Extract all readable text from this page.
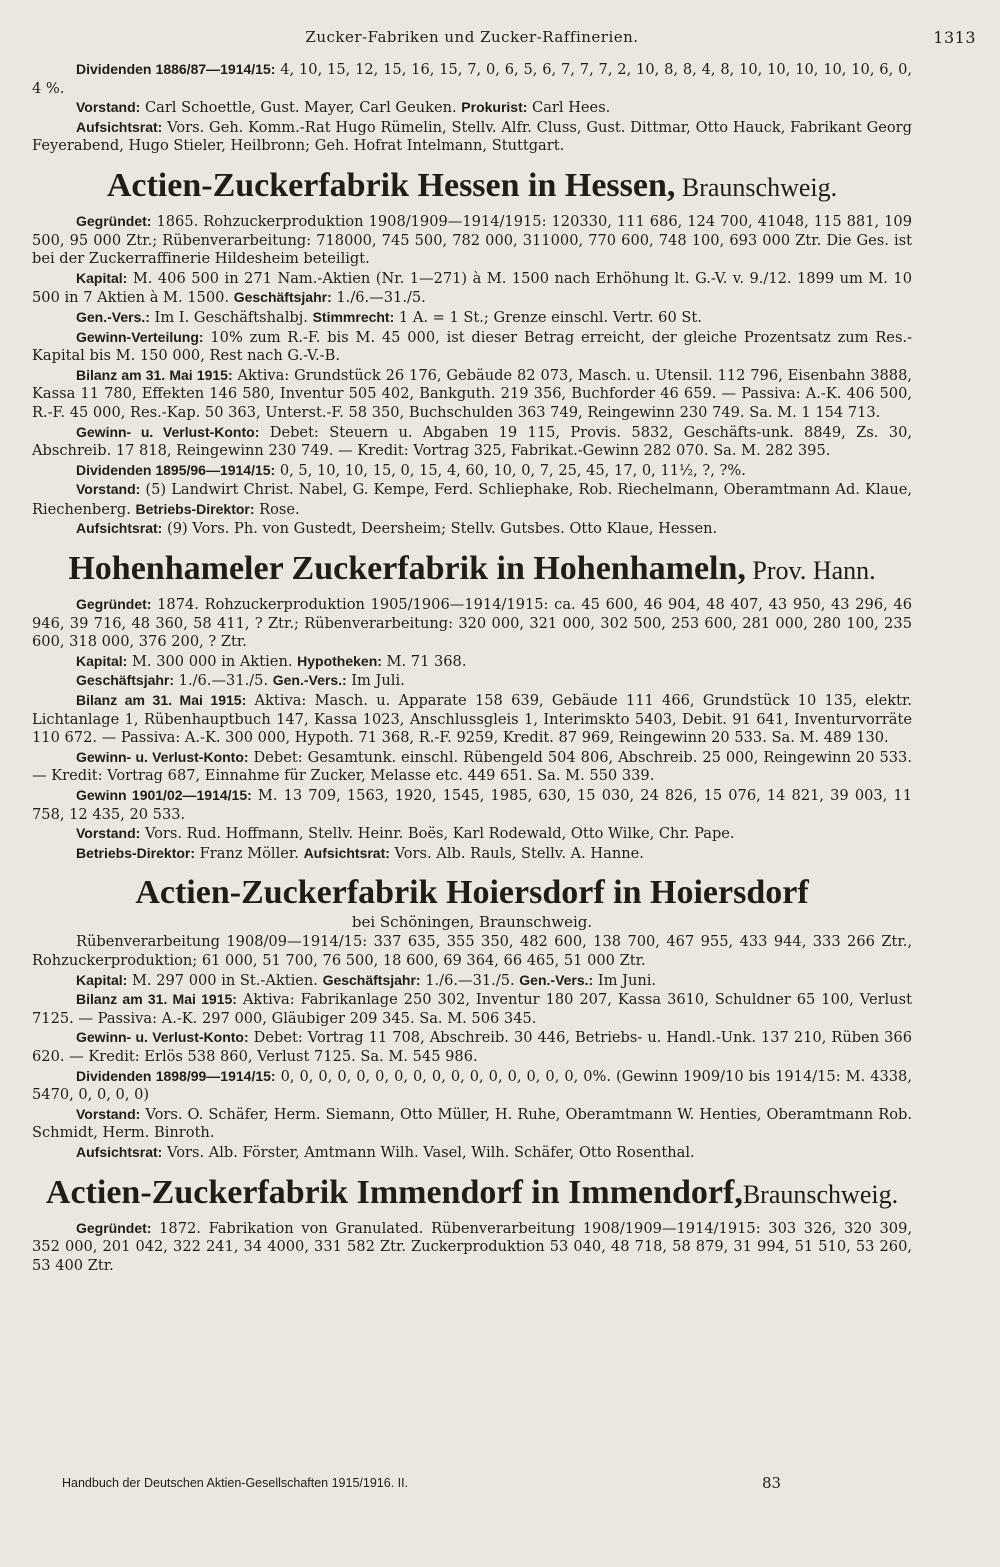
Zucker-Fabriken und Zucker-Raffinerien.	1313

Dividenden 1886/87—1914/15: 4, 10, 15, 12, 15, 16, 15, 7, 0, 6, 5, 6, 7, 7, 7, 2, 10, 8, 8, 4, 8, 10, 10, 10, 10, 10, 6, 0, 4 %.

Vorstand: Carl Schoettle, Gust. Mayer, Carl Geuken. Prokurist: Carl Hees.

Aufsichtsrat: Vors. Geh. Komm.-Rat Hugo Rümelin, Stellv. Alfr. Cluss, Gust. Dittmar, Otto Hauck, Fabrikant Georg Feyerabend, Hugo Stieler, Heilbronn; Geh. Hofrat Intelmann, Stuttgart.

Actien-Zuckerfabrik Hessen in Hessen, Braunschweig.

Gegründet: 1865. Rohzuckerproduktion 1908/1909—1914/1915: 120330, 111 686, 124 700, 41048, 115 881, 109 500, 95 000 Ztr.; Rübenverarbeitung: 718000, 745 500, 782 000, 311000, 770 600, 748 100, 693 000 Ztr. Die Ges. ist bei der Zuckerraffinerie Hildesheim beteiligt.

Kapital: M. 406 500 in 271 Nam.-Aktien (Nr. 1—271) à M. 1500 nach Erhöhung lt. G.-V. v. 9./12. 1899 um M. 10 500 in 7 Aktien à M. 1500. Geschäftsjahr: 1./6.—31./5.

Gen.-Vers.: Im I. Geschäftshalbj. Stimmrecht: 1 A. = 1 St.; Grenze einschl. Vertr. 60 St.

Gewinn-Verteilung: 10% zum R.-F. bis M. 45 000, ist dieser Betrag erreicht, der gleiche Prozentsatz zum Res.-Kapital bis M. 150 000, Rest nach G.-V.-B.

Bilanz am 31. Mai 1915: Aktiva: Grundstück 26 176, Gebäude 82 073, Masch. u. Utensil. 112 796, Eisenbahn 3888, Kassa 11 780, Effekten 146 580, Inventur 505 402, Bankguth. 219 356, Buchforder 46 659. — Passiva: A.-K. 406 500, R.-F. 45 000, Res.-Kap. 50 363, Unterst.-F. 58 350, Buchschulden 363 749, Reingewinn 230 749. Sa. M. 1 154 713.

Gewinn- u. Verlust-Konto: Debet: Steuern u. Abgaben 19 115, Provis. 5832, Geschäfts-unk. 8849, Zs. 30, Abschreib. 17 818, Reingewinn 230 749. — Kredit: Vortrag 325, Fabrikat.-Gewinn 282 070. Sa. M. 282 395.

Dividenden 1895/96—1914/15: 0, 5, 10, 10, 15, 0, 15, 4, 60, 10, 0, 7, 25, 45, 17, 0, 11½, ?, ?%.

Vorstand: (5) Landwirt Christ. Nabel, G. Kempe, Ferd. Schliephake, Rob. Riechelmann, Oberamtmann Ad. Klaue, Riechenberg. Betriebs-Direktor: Rose.

Aufsichtsrat: (9) Vors. Ph. von Gustedt, Deersheim; Stellv. Gutsbes. Otto Klaue, Hessen.

Hohenhameler Zuckerfabrik in Hohenhameln, Prov. Hann.

Gegründet: 1874. Rohzuckerproduktion 1905/1906—1914/1915: ca. 45 600, 46 904, 48 407, 43 950, 43 296, 46 946, 39 716, 48 360, 58 411, ? Ztr.; Rübenverarbeitung: 320 000, 321 000, 302 500, 253 600, 281 000, 280 100, 235 600, 318 000, 376 200, ? Ztr.

Kapital: M. 300 000 in Aktien. Hypotheken: M. 71 368.

Geschäftsjahr: 1./6.—31./5. Gen.-Vers.: Im Juli.

Bilanz am 31. Mai 1915: Aktiva: Masch. u. Apparate 158 639, Gebäude 111 466, Grundstück 10 135, elektr. Lichtanlage 1, Rübenhauptbuch 147, Kassa 1023, Anschlussgleis 1, Interimskto 5403, Debit. 91 641, Inventurvorräte 110 672. — Passiva: A.-K. 300 000, Hypoth. 71 368, R.-F. 9259, Kredit. 87 969, Reingewinn 20 533. Sa. M. 489 130.

Gewinn- u. Verlust-Konto: Debet: Gesamtunk. einschl. Rübengeld 504 806, Abschreib. 25 000, Reingewinn 20 533. — Kredit: Vortrag 687, Einnahme für Zucker, Melasse etc. 449 651. Sa. M. 550 339.

Gewinn 1901/02—1914/15: M. 13 709, 1563, 1920, 1545, 1985, 630, 15 030, 24 826, 15 076, 14 821, 39 003, 11 758, 12 435, 20 533.

Vorstand: Vors. Rud. Hoffmann, Stellv. Heinr. Boës, Karl Rodewald, Otto Wilke, Chr. Pape.

Betriebs-Direktor: Franz Möller. Aufsichtsrat: Vors. Alb. Rauls, Stellv. A. Hanne.

Actien-Zuckerfabrik Hoiersdorf in Hoiersdorf
bei Schöningen, Braunschweig.

Rübenverarbeitung 1908/09—1914/15: 337 635, 355 350, 482 600, 138 700, 467 955, 433 944, 333 266 Ztr., Rohzuckerproduktion; 61 000, 51 700, 76 500, 18 600, 69 364, 66 465, 51 000 Ztr.

Kapital: M. 297 000 in St.-Aktien. Geschäftsjahr: 1./6.—31./5. Gen.-Vers.: Im Juni.

Bilanz am 31. Mai 1915: Aktiva: Fabrikanlage 250 302, Inventur 180 207, Kassa 3610, Schuldner 65 100, Verlust 7125. — Passiva: A.-K. 297 000, Gläubiger 209 345. Sa. M. 506 345.

Gewinn- u. Verlust-Konto: Debet: Vortrag 11 708, Abschreib. 30 446, Betriebs- u. Handl.-Unk. 137 210, Rüben 366 620. — Kredit: Erlös 538 860, Verlust 7125. Sa. M. 545 986.

Dividenden 1898/99—1914/15: 0, 0, 0, 0, 0, 0, 0, 0, 0, 0, 0, 0, 0, 0, 0, 0, 0%. (Gewinn 1909/10 bis 1914/15: M. 4338, 5470, 0, 0, 0, 0)

Vorstand: Vors. O. Schäfer, Herm. Siemann, Otto Müller, H. Ruhe, Oberamtmann W. Henties, Oberamtmann Rob. Schmidt, Herm. Binroth.

Aufsichtsrat: Vors. Alb. Förster, Amtmann Wilh. Vasel, Wilh. Schäfer, Otto Rosenthal.

Actien-Zuckerfabrik Immendorf in Immendorf,Braunschweig.

Gegründet: 1872. Fabrikation von Granulated. Rübenverarbeitung 1908/1909—1914/1915: 303 326, 320 309, 352 000, 201 042, 322 241, 34 4000, 331 582 Ztr. Zuckerproduktion 53 040, 48 718, 58 879, 31 994, 51 510, 53 260, 53 400 Ztr.

Handbuch der Deutschen Aktien-Gesellschaften 1915/1916. II.	83
